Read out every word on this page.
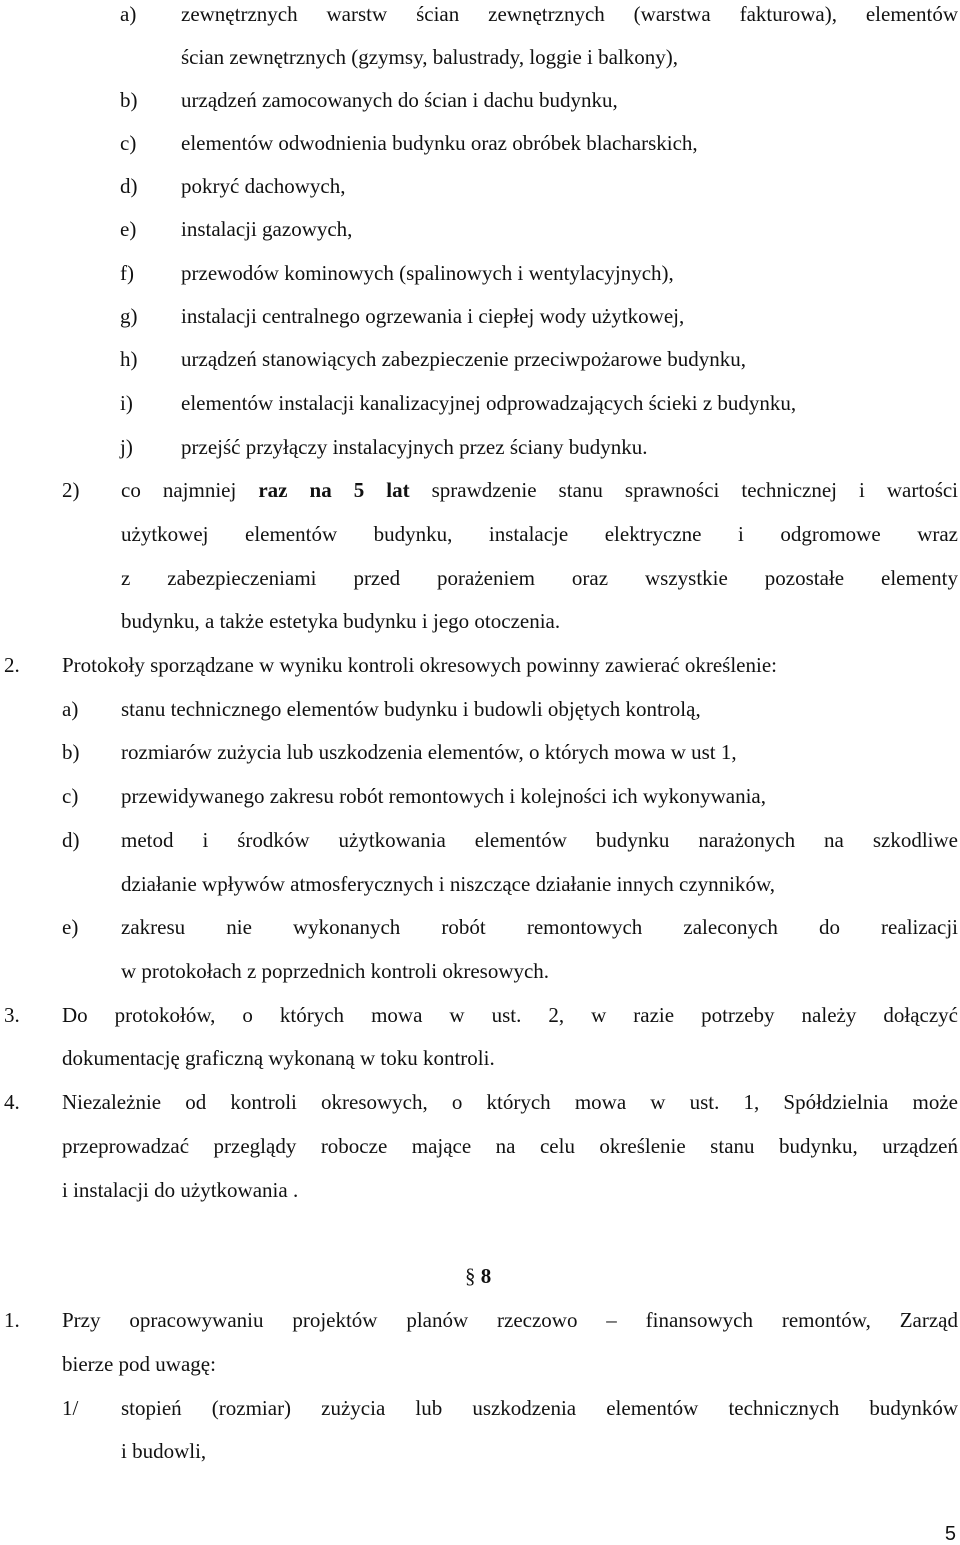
a) zewnętrznych warstw ścian zewnętrznych (warstwa fakturowa), elementów
ścian zewnętrznych (gzymsy, balustrady, loggie i balkony),
b) urządzeń zamocowanych do ścian i dachu budynku,
c) elementów odwodnienia budynku oraz obróbek blacharskich,
d) pokryć dachowych,
e) instalacji gazowych,
f) przewodów kominowych (spalinowych i wentylacyjnych),
g) instalacji centralnego ogrzewania i ciepłej wody użytkowej,
h) urządzeń stanowiących zabezpieczenie przeciwpożarowe budynku,
i) elementów instalacji kanalizacyjnej odprowadzających ścieki z budynku,
j) przejść przyłączy instalacyjnych przez ściany budynku.
2) co najmniej raz na 5 lat sprawdzenie stanu sprawności technicznej i wartości
użytkowej elementów budynku, instalacje elektryczne i odgromowe wraz
z zabezpieczeniami przed porażeniem oraz wszystkie pozostałe elementy
budynku, a także estetyka budynku i jego otoczenia.
2. Protokoły sporządzane w wyniku kontroli okresowych powinny zawierać określenie:
a) stanu technicznego elementów budynku i budowli objętych kontrolą,
b) rozmiarów zużycia lub uszkodzenia elementów, o których mowa w ust 1,
c) przewidywanego zakresu robót remontowych i kolejności ich wykonywania,
d) metod i środków użytkowania elementów budynku narażonych na szkodliwe
działanie wpływów atmosferycznych i niszczące działanie innych czynników,
e) zakresu nie wykonanych robót remontowych zaleconych do realizacji
w protokołach z poprzednich kontroli okresowych.
3. Do protokołów, o których mowa w ust. 2, w razie potrzeby należy dołączyć
dokumentację graficzną wykonaną w toku kontroli.
4. Niezależnie od kontroli okresowych, o których mowa w ust. 1, Spółdzielnia może
przeprowadzać przeglądy robocze mające na celu określenie stanu budynku, urządzeń
i instalacji do użytkowania .
§ 8
1. Przy opracowywaniu projektów planów rzeczowo – finansowych remontów, Zarząd
bierze pod uwagę:
1/ stopień (rozmiar) zużycia lub uszkodzenia elementów technicznych budynków
i budowli,
5
